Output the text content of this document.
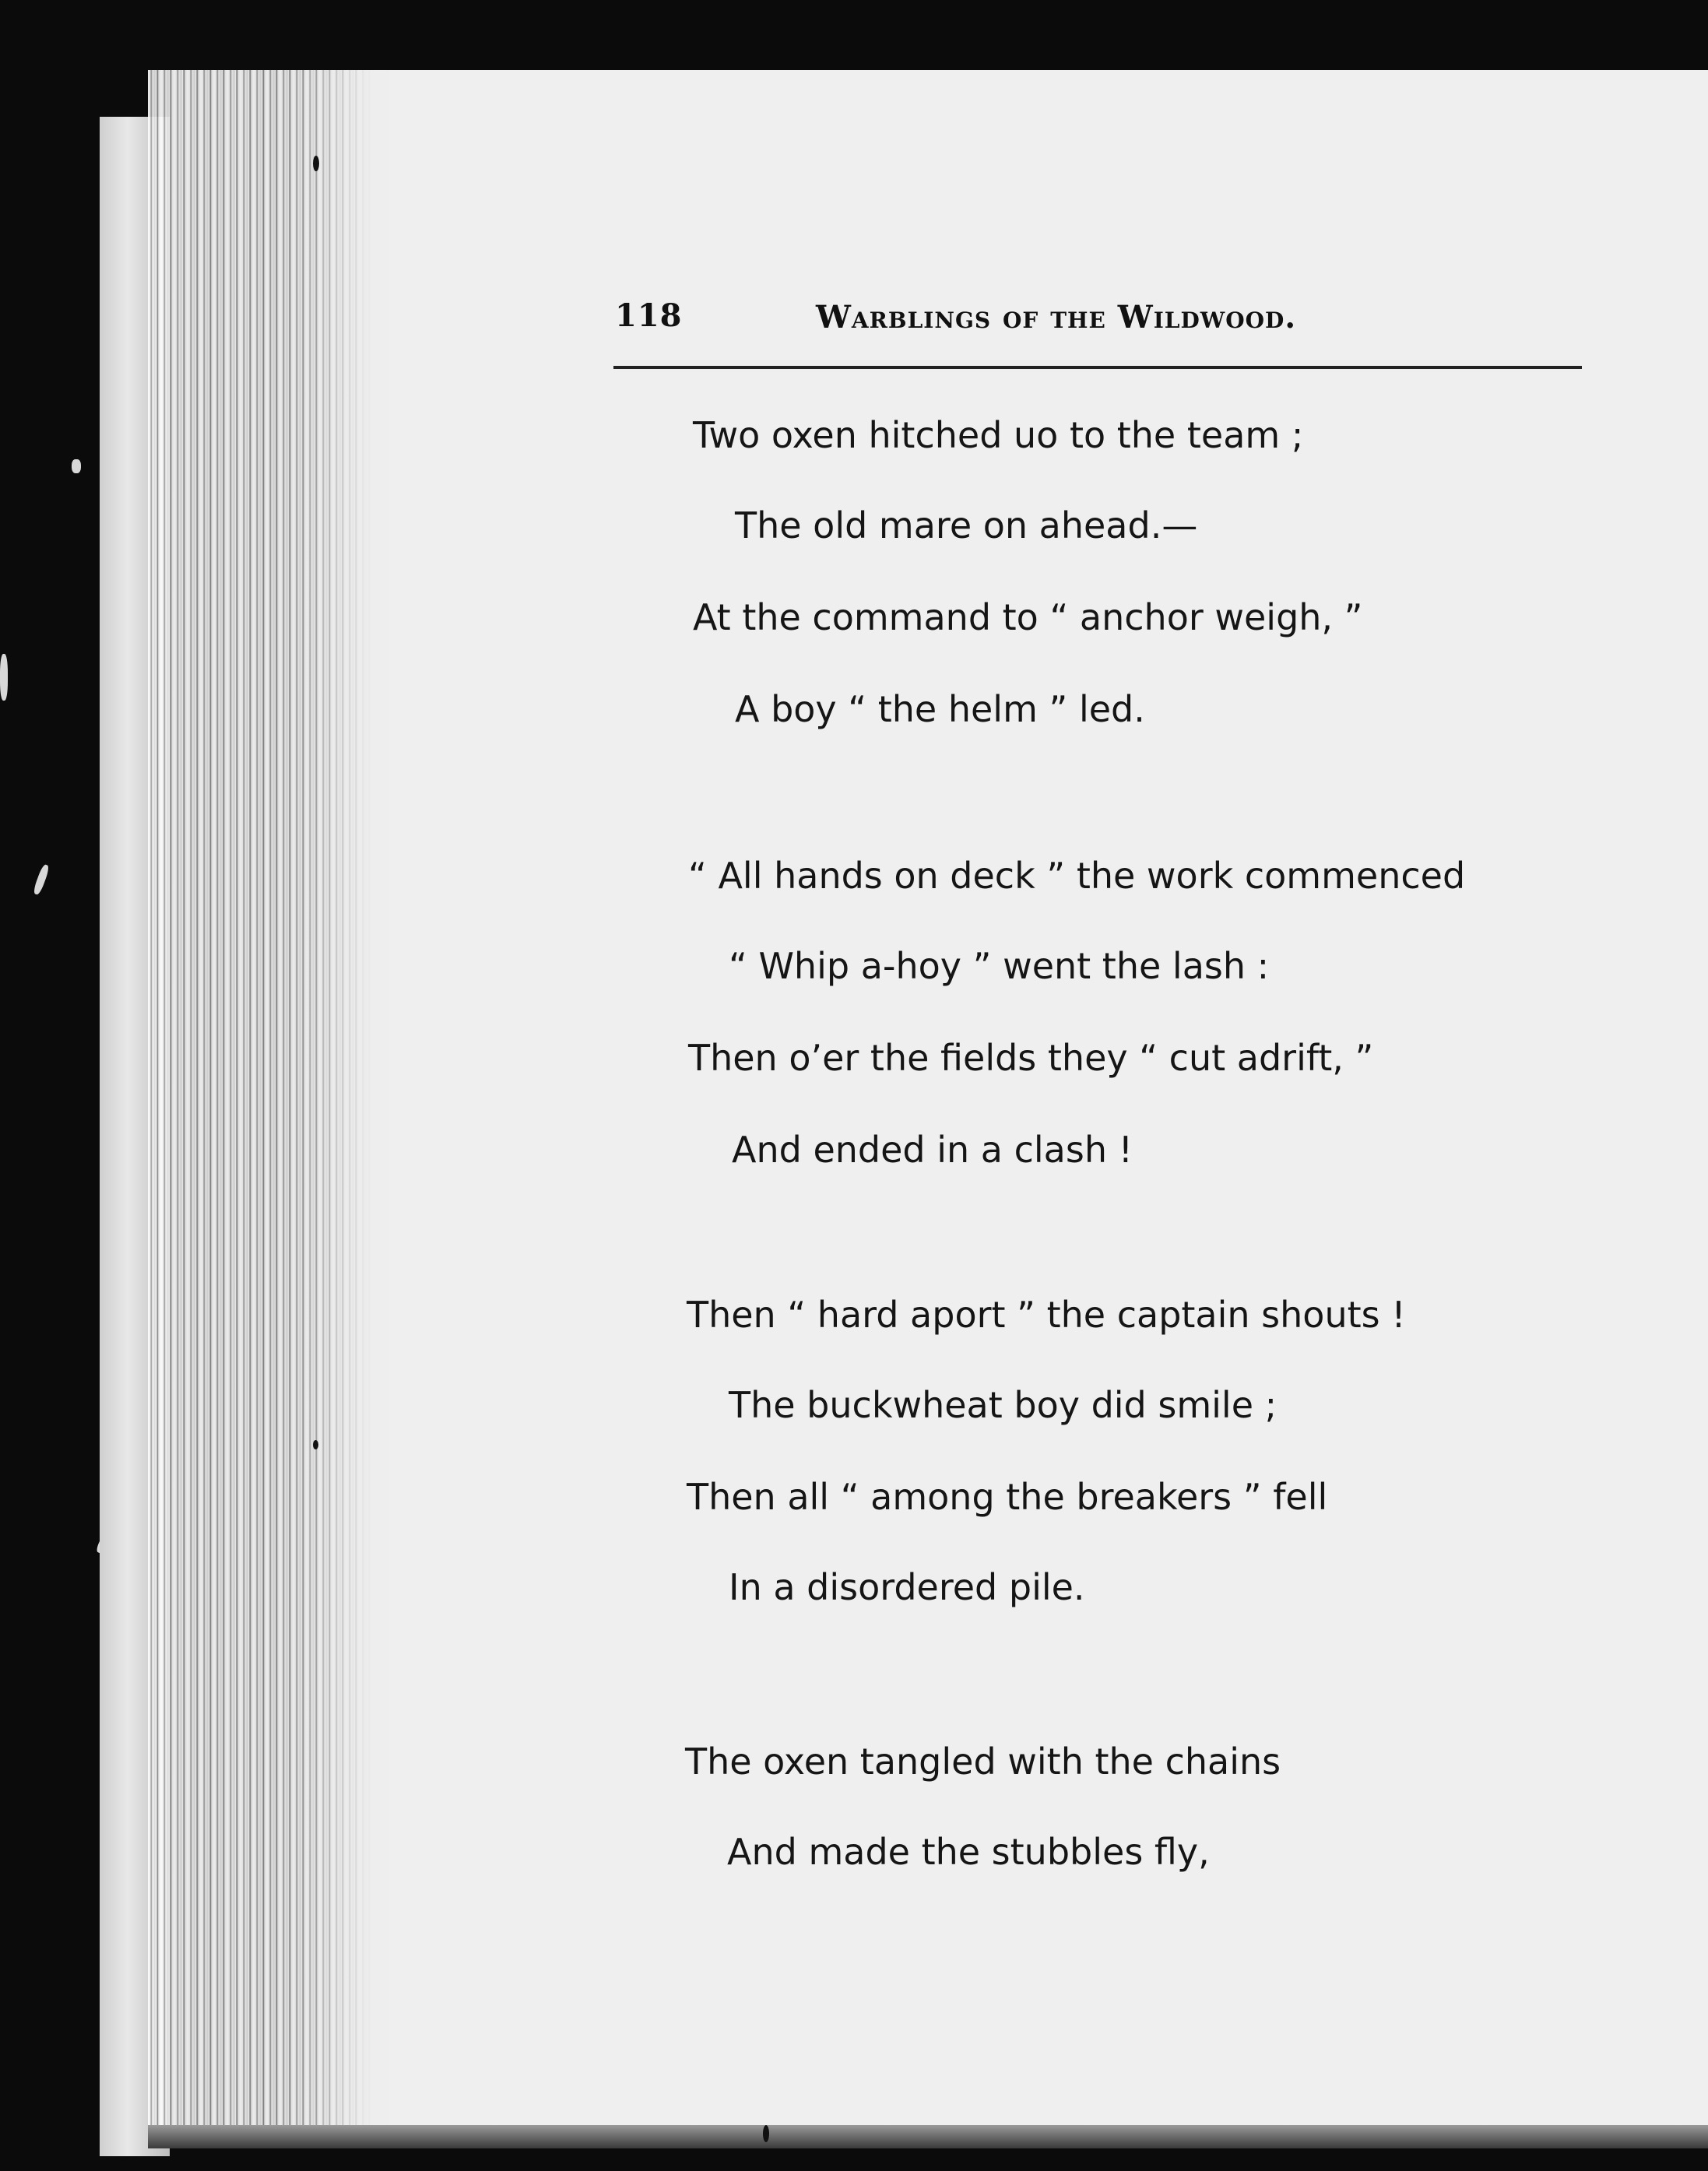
118	Warblings of the Wildwood.
Two oxen hitched uo to the team ;
The old mare on ahead.—
At the command to “ anchor weigh, ”
A boy “ the helm ” led.
“ All hands on deck ” the work commenced
“ Whip a-hoy ” went the lash :
Then o’er the fields they “ cut adrift, ”
And ended in a clash !
Then “ hard aport ” the captain shouts !
The buckwheat boy did smile ;
Then all “ among the breakers ” fell
In a disordered pile.
The oxen tangled with the chains
And made the stubbles fly,
